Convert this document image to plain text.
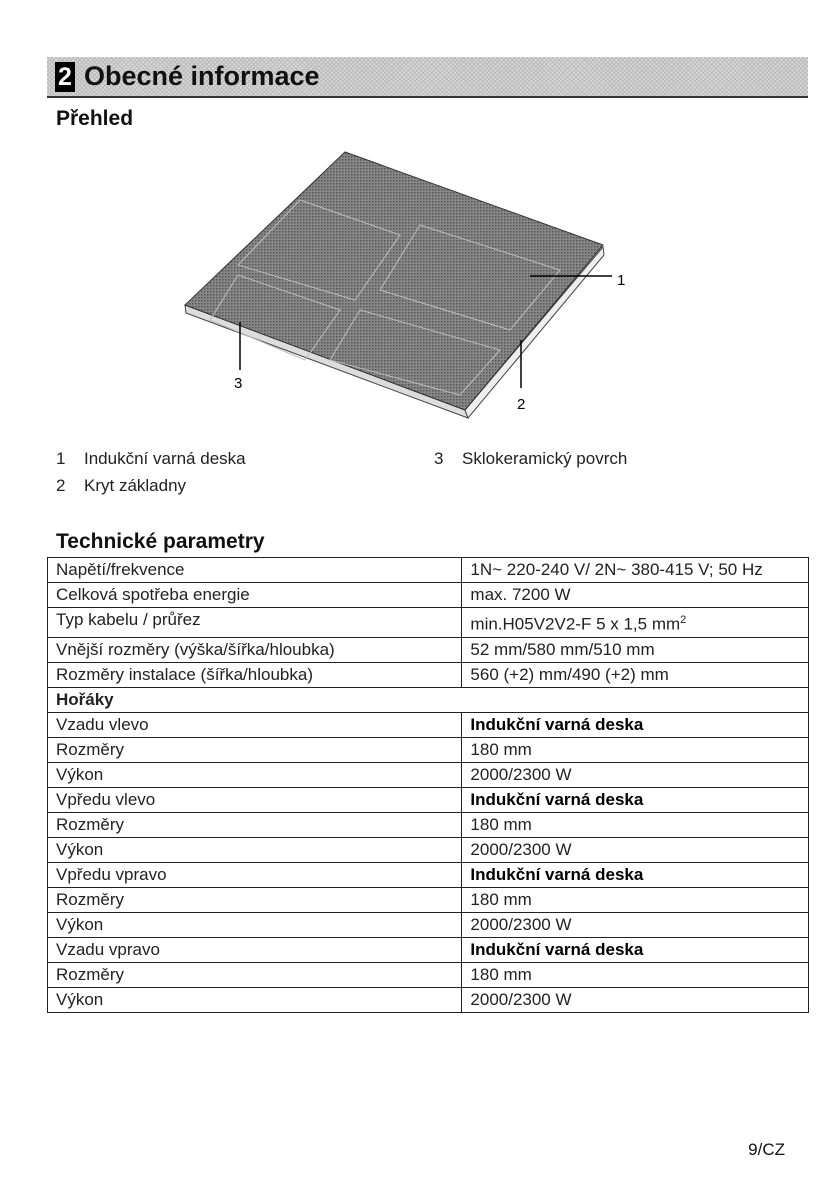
2 Obecné informace
Přehled
1
2
3
1 Indukční varná deska
2 Kryt základny
3 Sklokeramický povrch
Technické parametry
Napětí/frekvence	1N~ 220-240 V/ 2N~ 380-415 V; 50 Hz
Celková spotřeba energie	max. 7200 W
Typ kabelu / průřez	min.H05V2V2-F 5 x 1,5 $mm^2$
Vnější rozměry (výška/šířka/hloubka)	52 mm/580 mm/510 mm
Rozměry instalace (šířka/hloubka)	560 (+2) mm/490 (+2) mm
Hořáky	
Vzadu vlevo	Indukční varná deska
Rozměry	180 mm
Výkon	2000/2300 W
Vpředu vlevo	Indukční varná deska
Rozměry	180 mm
Výkon	2000/2300 W
Vpředu vpravo	Indukční varná deska
Rozměry	180 mm
Výkon	2000/2300 W
Vzadu vpravo	Indukční varná deska
Rozměry	180 mm
Výkon	2000/2300 W
9/CZ
